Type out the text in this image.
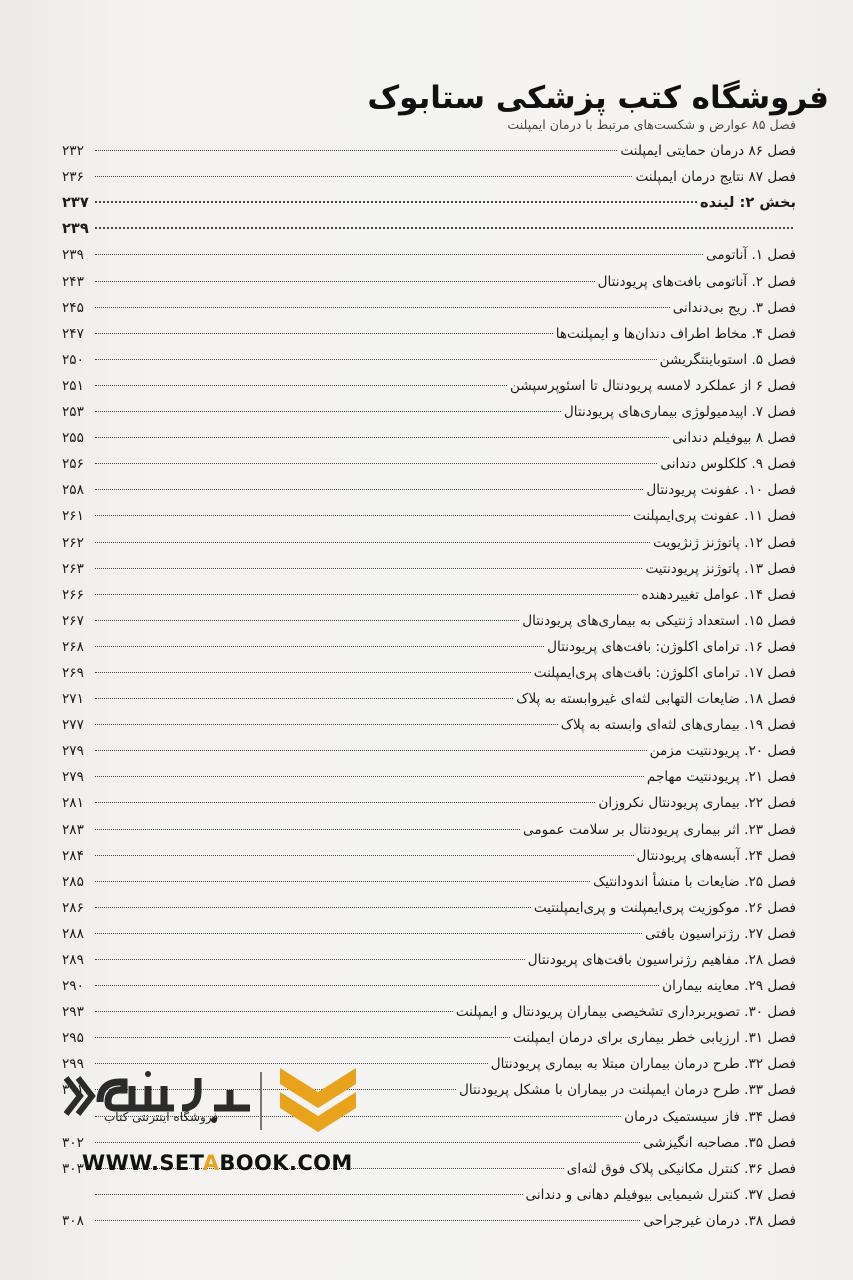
فروشگاه کتب پزشکی ستابوک
فصل ۸۵ عوارض و شکست‌های مرتبط با درمان ایمپلنت
فصل ۸۶ درمان حمایتی ایمپلنت
۲۳۲
فصل ۸۷ نتایج درمان ایمپلنت
۲۳۶
بخش ۲: لینده
۲۳۷
۲۳۹
فصل ۱. آناتومی
۲۳۹
فصل ۲. آناتومی بافت‌های پریودنتال
۲۴۳
فصل ۳. ریج بی‌دندانی
۲۴۵
فصل ۴. مخاط اطراف دندان‌ها و ایمپلنت‌ها
۲۴۷
فصل ۵. استوباینتگریشن
۲۵۰
فصل ۶ از عملکرد لامسه پریودنتال تا اسئوپرسپشن
۲۵۱
فصل ۷. اپیدمیولوژی بیماری‌های پریودنتال
۲۵۳
فصل ۸ بیوفیلم دندانی
۲۵۵
فصل ۹. کلکلوس دندانی
۲۵۶
فصل ۱۰. عفونت پریودنتال
۲۵۸
فصل ۱۱. عفونت پری‌ایمپلنت
۲۶۱
فصل ۱۲. پاتوژنز ژنژیویت
۲۶۲
فصل ۱۳. پاتوژنز پریودنتیت
۲۶۳
فصل ۱۴. عوامل تغییردهنده
۲۶۶
فصل ۱۵. استعداد ژنتیکی به بیماری‌های پریودنتال
۲۶۷
فصل ۱۶. ترامای اکلوژن: بافت‌های پریودنتال
۲۶۸
فصل ۱۷. ترامای اکلوژن: بافت‌های پری‌ایمپلنت
۲۶۹
فصل ۱۸. ضایعات التهابی لثه‌ای غیروابسته به پلاک
۲۷۱
فصل ۱۹. بیماری‌های لثه‌ای وابسته به پلاک
۲۷۷
فصل ۲۰. پریودنتیت مزمن
۲۷۹
فصل ۲۱. پریودنتیت مهاجم
۲۷۹
فصل ۲۲. بیماری پریودنتال نکروزان
۲۸۱
فصل ۲۳. اثر بیماری پریودنتال بر سلامت عمومی
۲۸۳
فصل ۲۴. آبسه‌های پریودنتال
۲۸۴
فصل ۲۵. ضایعات با منشأ اندودانتیک
۲۸۵
فصل ۲۶. موکوزیت پری‌ایمپلنت و پری‌ایمپلنتیت
۲۸۶
فصل ۲۷. رژنراسیون بافتی
۲۸۸
فصل ۲۸. مفاهیم رژنراسیون بافت‌های پریودنتال
۲۸۹
فصل ۲۹. معاینه بیماران
۲۹۰
فصل ۳۰. تصویربرداری تشخیصی بیماران پریودنتال و ایمپلنت
۲۹۳
فصل ۳۱. ارزیابی خطر بیماری برای درمان ایمپلنت
۲۹۵
فصل ۳۲. طرح درمان بیماران مبتلا به بیماری پریودنتال
۲۹۹
فصل ۳۳. طرح درمان ایمپلنت در بیماران با مشکل پریودنتال
۳۰۱
فصل ۳۴. فاز سیستمیک درمان
فصل ۳۵. مصاحبه انگیزشی
۳۰۲
فصل ۳۶. کنترل مکانیکی پلاک فوق لثه‌ای
۳۰۳
فصل ۳۷. کنترل شیمیایی بیوفیلم دهانی و دندانی
فصل ۳۸. درمان غیرجراحی
۳۰۸
فروشگاه اینترنتی کتاب
WWW.SETABOOK.COM
